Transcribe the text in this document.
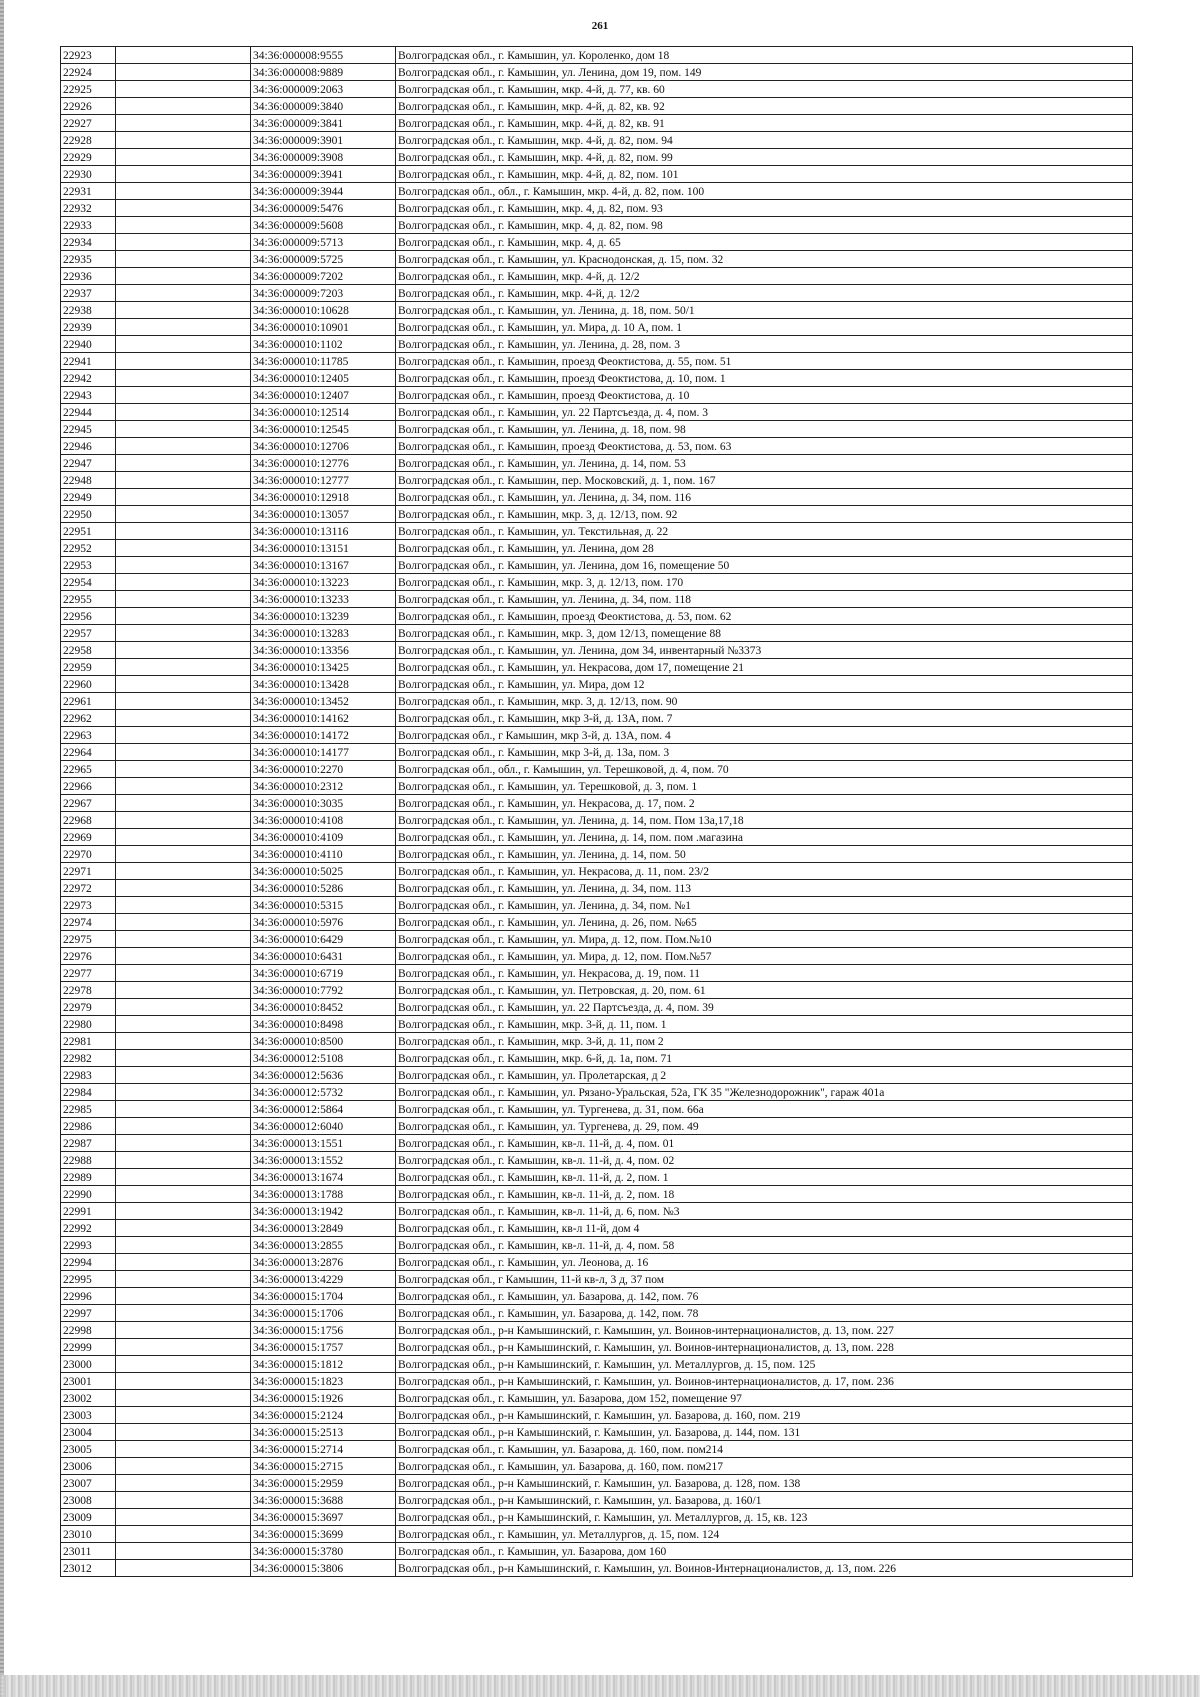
261
22923		34:36:000008:9555	Волгоградская обл., г. Камышин, ул. Короленко, дом 18
22924		34:36:000008:9889	Волгоградская обл., г. Камышин, ул. Ленина, дом 19, пом. 149
22925		34:36:000009:2063	Волгоградская обл., г. Камышин, мкр. 4-й, д. 77, кв. 60
22926		34:36:000009:3840	Волгоградская обл., г. Камышин, мкр. 4-й, д. 82, кв. 92
22927		34:36:000009:3841	Волгоградская обл., г. Камышин, мкр. 4-й, д. 82, кв. 91
22928		34:36:000009:3901	Волгоградская обл., г. Камышин, мкр. 4-й, д. 82, пом. 94
22929		34:36:000009:3908	Волгоградская обл., г. Камышин, мкр. 4-й, д. 82, пом. 99
22930		34:36:000009:3941	Волгоградская обл., г. Камышин, мкр. 4-й, д. 82, пом. 101
22931		34:36:000009:3944	Волгоградская обл., обл., г. Камышин, мкр. 4-й, д. 82, пом. 100
22932		34:36:000009:5476	Волгоградская обл., г. Камышин, мкр. 4, д. 82, пом. 93
22933		34:36:000009:5608	Волгоградская обл., г. Камышин, мкр. 4, д. 82, пом. 98
22934		34:36:000009:5713	Волгоградская обл., г. Камышин, мкр. 4, д. 65
22935		34:36:000009:5725	Волгоградская обл., г. Камышин, ул. Краснодонская, д. 15, пом. 32
22936		34:36:000009:7202	Волгоградская обл., г. Камышин, мкр. 4-й, д. 12/2
22937		34:36:000009:7203	Волгоградская обл., г. Камышин, мкр. 4-й, д. 12/2
22938		34:36:000010:10628	Волгоградская обл., г. Камышин, ул. Ленина, д. 18, пом. 50/1
22939		34:36:000010:10901	Волгоградская обл., г. Камышин, ул. Мира, д. 10 А, пом. 1
22940		34:36:000010:1102	Волгоградская обл., г. Камышин, ул. Ленина, д. 28, пом. 3
22941		34:36:000010:11785	Волгоградская обл., г. Камышин, проезд Феоктистова, д. 55, пом. 51
22942		34:36:000010:12405	Волгоградская обл., г. Камышин, проезд Феоктистова, д. 10, пом. 1
22943		34:36:000010:12407	Волгоградская обл., г. Камышин, проезд Феоктистова, д. 10
22944		34:36:000010:12514	Волгоградская обл., г. Камышин, ул. 22 Партсъезда, д. 4, пом. 3
22945		34:36:000010:12545	Волгоградская обл., г. Камышин, ул. Ленина, д. 18, пом. 98
22946		34:36:000010:12706	Волгоградская обл., г. Камышин, проезд Феоктистова, д. 53, пом. 63
22947		34:36:000010:12776	Волгоградская обл., г. Камышин, ул. Ленина, д. 14, пом. 53
22948		34:36:000010:12777	Волгоградская обл., г. Камышин, пер. Московский, д. 1, пом. 167
22949		34:36:000010:12918	Волгоградская обл., г. Камышин, ул. Ленина, д. 34, пом. 116
22950		34:36:000010:13057	Волгоградская обл., г. Камышин, мкр. 3, д. 12/13, пом. 92
22951		34:36:000010:13116	Волгоградская обл., г. Камышин, ул. Текстильная, д. 22
22952		34:36:000010:13151	Волгоградская обл., г. Камышин, ул. Ленина, дом 28
22953		34:36:000010:13167	Волгоградская обл., г. Камышин, ул. Ленина, дом 16, помещение 50
22954		34:36:000010:13223	Волгоградская обл., г. Камышин, мкр. 3, д. 12/13, пом. 170
22955		34:36:000010:13233	Волгоградская обл., г. Камышин, ул. Ленина, д. 34, пом. 118
22956		34:36:000010:13239	Волгоградская обл., г. Камышин, проезд Феоктистова, д. 53, пом. 62
22957		34:36:000010:13283	Волгоградская обл., г. Камышин, мкр. 3, дом 12/13, помещение 88
22958		34:36:000010:13356	Волгоградская обл., г. Камышин, ул. Ленина, дом 34, инвентарный №3373
22959		34:36:000010:13425	Волгоградская обл., г. Камышин, ул. Некрасова, дом 17, помещение 21
22960		34:36:000010:13428	Волгоградская обл., г. Камышин, ул. Мира, дом 12
22961		34:36:000010:13452	Волгоградская обл., г. Камышин, мкр. 3, д. 12/13, пом. 90
22962		34:36:000010:14162	Волгоградская обл., г. Камышин, мкр 3-й, д. 13А, пом. 7
22963		34:36:000010:14172	Волгоградская обл., г Камышин, мкр 3-й, д. 13А, пом. 4
22964		34:36:000010:14177	Волгоградская обл., г. Камышин, мкр 3-й, д. 13а, пом. 3
22965		34:36:000010:2270	Волгоградская обл., обл., г. Камышин, ул. Терешковой, д. 4, пом. 70
22966		34:36:000010:2312	Волгоградская обл., г. Камышин, ул. Терешковой, д. 3, пом. 1
22967		34:36:000010:3035	Волгоградская обл., г. Камышин, ул. Некрасова, д. 17, пом. 2
22968		34:36:000010:4108	Волгоградская обл., г. Камышин, ул. Ленина, д. 14, пом. Пом 13а,17,18
22969		34:36:000010:4109	Волгоградская обл., г. Камышин, ул. Ленина, д. 14, пом. пом .магазина
22970		34:36:000010:4110	Волгоградская обл., г. Камышин, ул. Ленина, д. 14, пом. 50
22971		34:36:000010:5025	Волгоградская обл., г. Камышин, ул. Некрасова, д. 11, пом. 23/2
22972		34:36:000010:5286	Волгоградская обл., г. Камышин, ул. Ленина, д. 34, пом. 113
22973		34:36:000010:5315	Волгоградская обл., г. Камышин, ул. Ленина, д. 34, пом. №1
22974		34:36:000010:5976	Волгоградская обл., г. Камышин, ул. Ленина, д. 26, пом. №65
22975		34:36:000010:6429	Волгоградская обл., г. Камышин, ул. Мира, д. 12, пом. Пом.№10
22976		34:36:000010:6431	Волгоградская обл., г. Камышин, ул. Мира, д. 12, пом. Пом.№57
22977		34:36:000010:6719	Волгоградская обл., г. Камышин, ул. Некрасова, д. 19, пом. 11
22978		34:36:000010:7792	Волгоградская обл., г. Камышин, ул. Петровская, д. 20, пом. 61
22979		34:36:000010:8452	Волгоградская обл., г. Камышин, ул. 22 Партсъезда, д. 4, пом. 39
22980		34:36:000010:8498	Волгоградская обл., г. Камышин, мкр. 3-й, д. 11, пом. 1
22981		34:36:000010:8500	Волгоградская обл., г. Камышин, мкр. 3-й, д. 11, пом 2
22982		34:36:000012:5108	Волгоградская обл., г. Камышин, мкр. 6-й, д. 1а, пом. 71
22983		34:36:000012:5636	Волгоградская обл., г. Камышин, ул. Пролетарская, д 2
22984		34:36:000012:5732	Волгоградская обл., г. Камышин, ул. Рязано-Уральская, 52а, ГК 35 "Железнодорожник", гараж 401а
22985		34:36:000012:5864	Волгоградская обл., г. Камышин, ул. Тургенева, д. 31, пом. 66а
22986		34:36:000012:6040	Волгоградская обл., г. Камышин, ул. Тургенева, д. 29, пом. 49
22987		34:36:000013:1551	Волгоградская обл., г. Камышин, кв-л. 11-й, д. 4, пом. 01
22988		34:36:000013:1552	Волгоградская обл., г. Камышин, кв-л. 11-й, д. 4, пом. 02
22989		34:36:000013:1674	Волгоградская обл., г. Камышин, кв-л. 11-й, д. 2, пом. 1
22990		34:36:000013:1788	Волгоградская обл., г. Камышин, кв-л. 11-й, д. 2, пом. 18
22991		34:36:000013:1942	Волгоградская обл., г. Камышин, кв-л. 11-й, д. 6, пом. №3
22992		34:36:000013:2849	Волгоградская обл., г. Камышин, кв-л 11-й, дом 4
22993		34:36:000013:2855	Волгоградская обл., г. Камышин, кв-л. 11-й, д. 4, пом. 58
22994		34:36:000013:2876	Волгоградская обл., г. Камышин, ул. Леонова, д. 16
22995		34:36:000013:4229	Волгоградская обл., г Камышин, 11-й кв-л, 3 д, 37 пом
22996		34:36:000015:1704	Волгоградская обл., г. Камышин, ул. Базарова, д. 142, пом. 76
22997		34:36:000015:1706	Волгоградская обл., г. Камышин, ул. Базарова, д. 142, пом. 78
22998		34:36:000015:1756	Волгоградская обл., р-н Камышинский, г. Камышин, ул. Воинов-интернационалистов, д. 13, пом. 227
22999		34:36:000015:1757	Волгоградская обл., р-н Камышинский, г. Камышин, ул. Воинов-интернационалистов, д. 13, пом. 228
23000		34:36:000015:1812	Волгоградская обл., р-н Камышинский, г. Камышин, ул. Металлургов, д. 15, пом. 125
23001		34:36:000015:1823	Волгоградская обл., р-н Камышинский, г. Камышин, ул. Воинов-интернационалистов, д. 17, пом. 236
23002		34:36:000015:1926	Волгоградская обл., г. Камышин, ул. Базарова, дом 152, помещение 97
23003		34:36:000015:2124	Волгоградская обл., р-н Камышинский, г. Камышин, ул. Базарова, д. 160, пом. 219
23004		34:36:000015:2513	Волгоградская обл., р-н Камышинский, г. Камышин, ул. Базарова, д. 144, пом. 131
23005		34:36:000015:2714	Волгоградская обл., г. Камышин, ул. Базарова, д. 160, пом. пом214
23006		34:36:000015:2715	Волгоградская обл., г. Камышин, ул. Базарова, д. 160, пом. пом217
23007		34:36:000015:2959	Волгоградская обл., р-н Камышинский, г. Камышин, ул. Базарова, д. 128, пом. 138
23008		34:36:000015:3688	Волгоградская обл., р-н Камышинский, г. Камышин, ул. Базарова, д. 160/1
23009		34:36:000015:3697	Волгоградская обл., р-н Камышинский, г. Камышин, ул. Металлургов, д. 15, кв. 123
23010		34:36:000015:3699	Волгоградская обл., г. Камышин, ул. Металлургов, д. 15, пом. 124
23011		34:36:000015:3780	Волгоградская обл., г. Камышин, ул. Базарова, дом 160
23012		34:36:000015:3806	Волгоградская обл., р-н Камышинский, г. Камышин, ул. Воинов-Интернационалистов, д. 13, пом. 226
